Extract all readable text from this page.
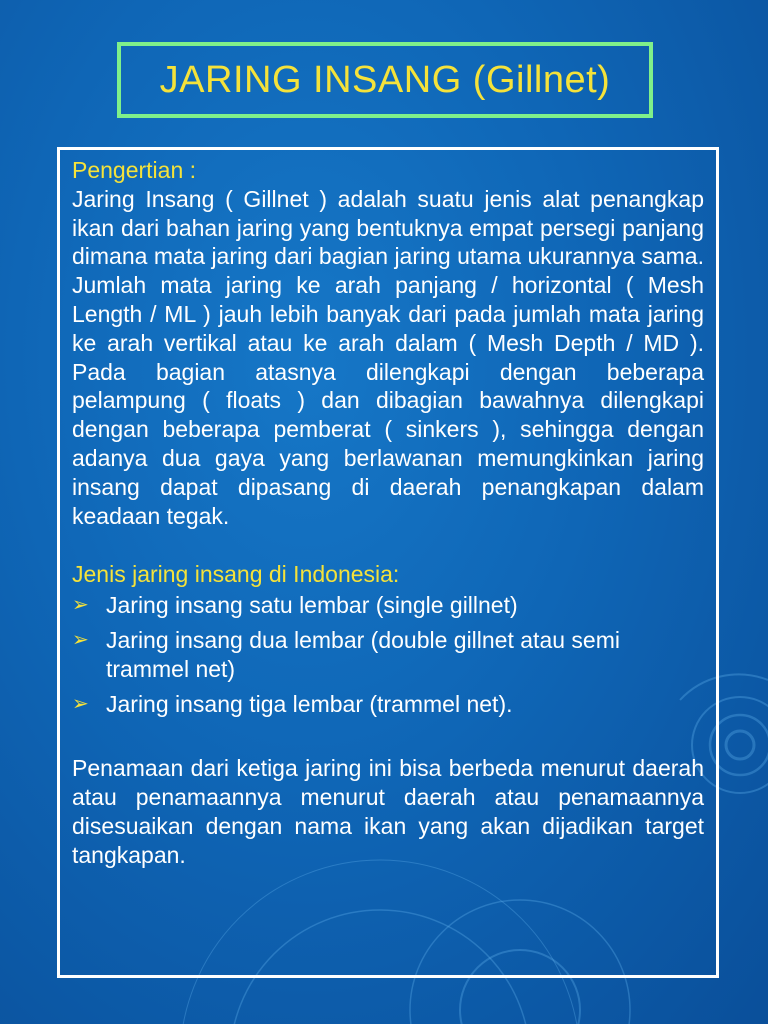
JARING INSANG (Gillnet)

Pengertian :

Jaring Insang ( Gillnet ) adalah suatu jenis alat penangkap ikan dari bahan jaring yang bentuknya empat persegi panjang dimana mata jaring dari bagian jaring utama ukurannya sama. Jumlah mata jaring ke arah panjang / horizontal ( Mesh Length / ML ) jauh lebih banyak dari pada jumlah mata jaring ke arah vertikal atau ke arah dalam ( Mesh Depth / MD ). Pada bagian atasnya dilengkapi dengan beberapa pelampung ( floats ) dan dibagian bawahnya dilengkapi dengan beberapa pemberat ( sinkers ), sehingga dengan adanya dua gaya yang berlawanan memungkinkan jaring insang dapat dipasang di daerah penangkapan dalam keadaan tegak.

Jenis jaring insang di Indonesia:

➢ Jaring insang satu lembar (single gillnet)
➢ Jaring insang dua lembar (double gillnet atau semi trammel net)
➢ Jaring insang tiga lembar (trammel net).

Penamaan dari ketiga jaring ini bisa berbeda menurut daerah atau penamaannya menurut daerah atau penamaannya disesuaikan dengan nama ikan yang akan dijadikan target tangkapan.
